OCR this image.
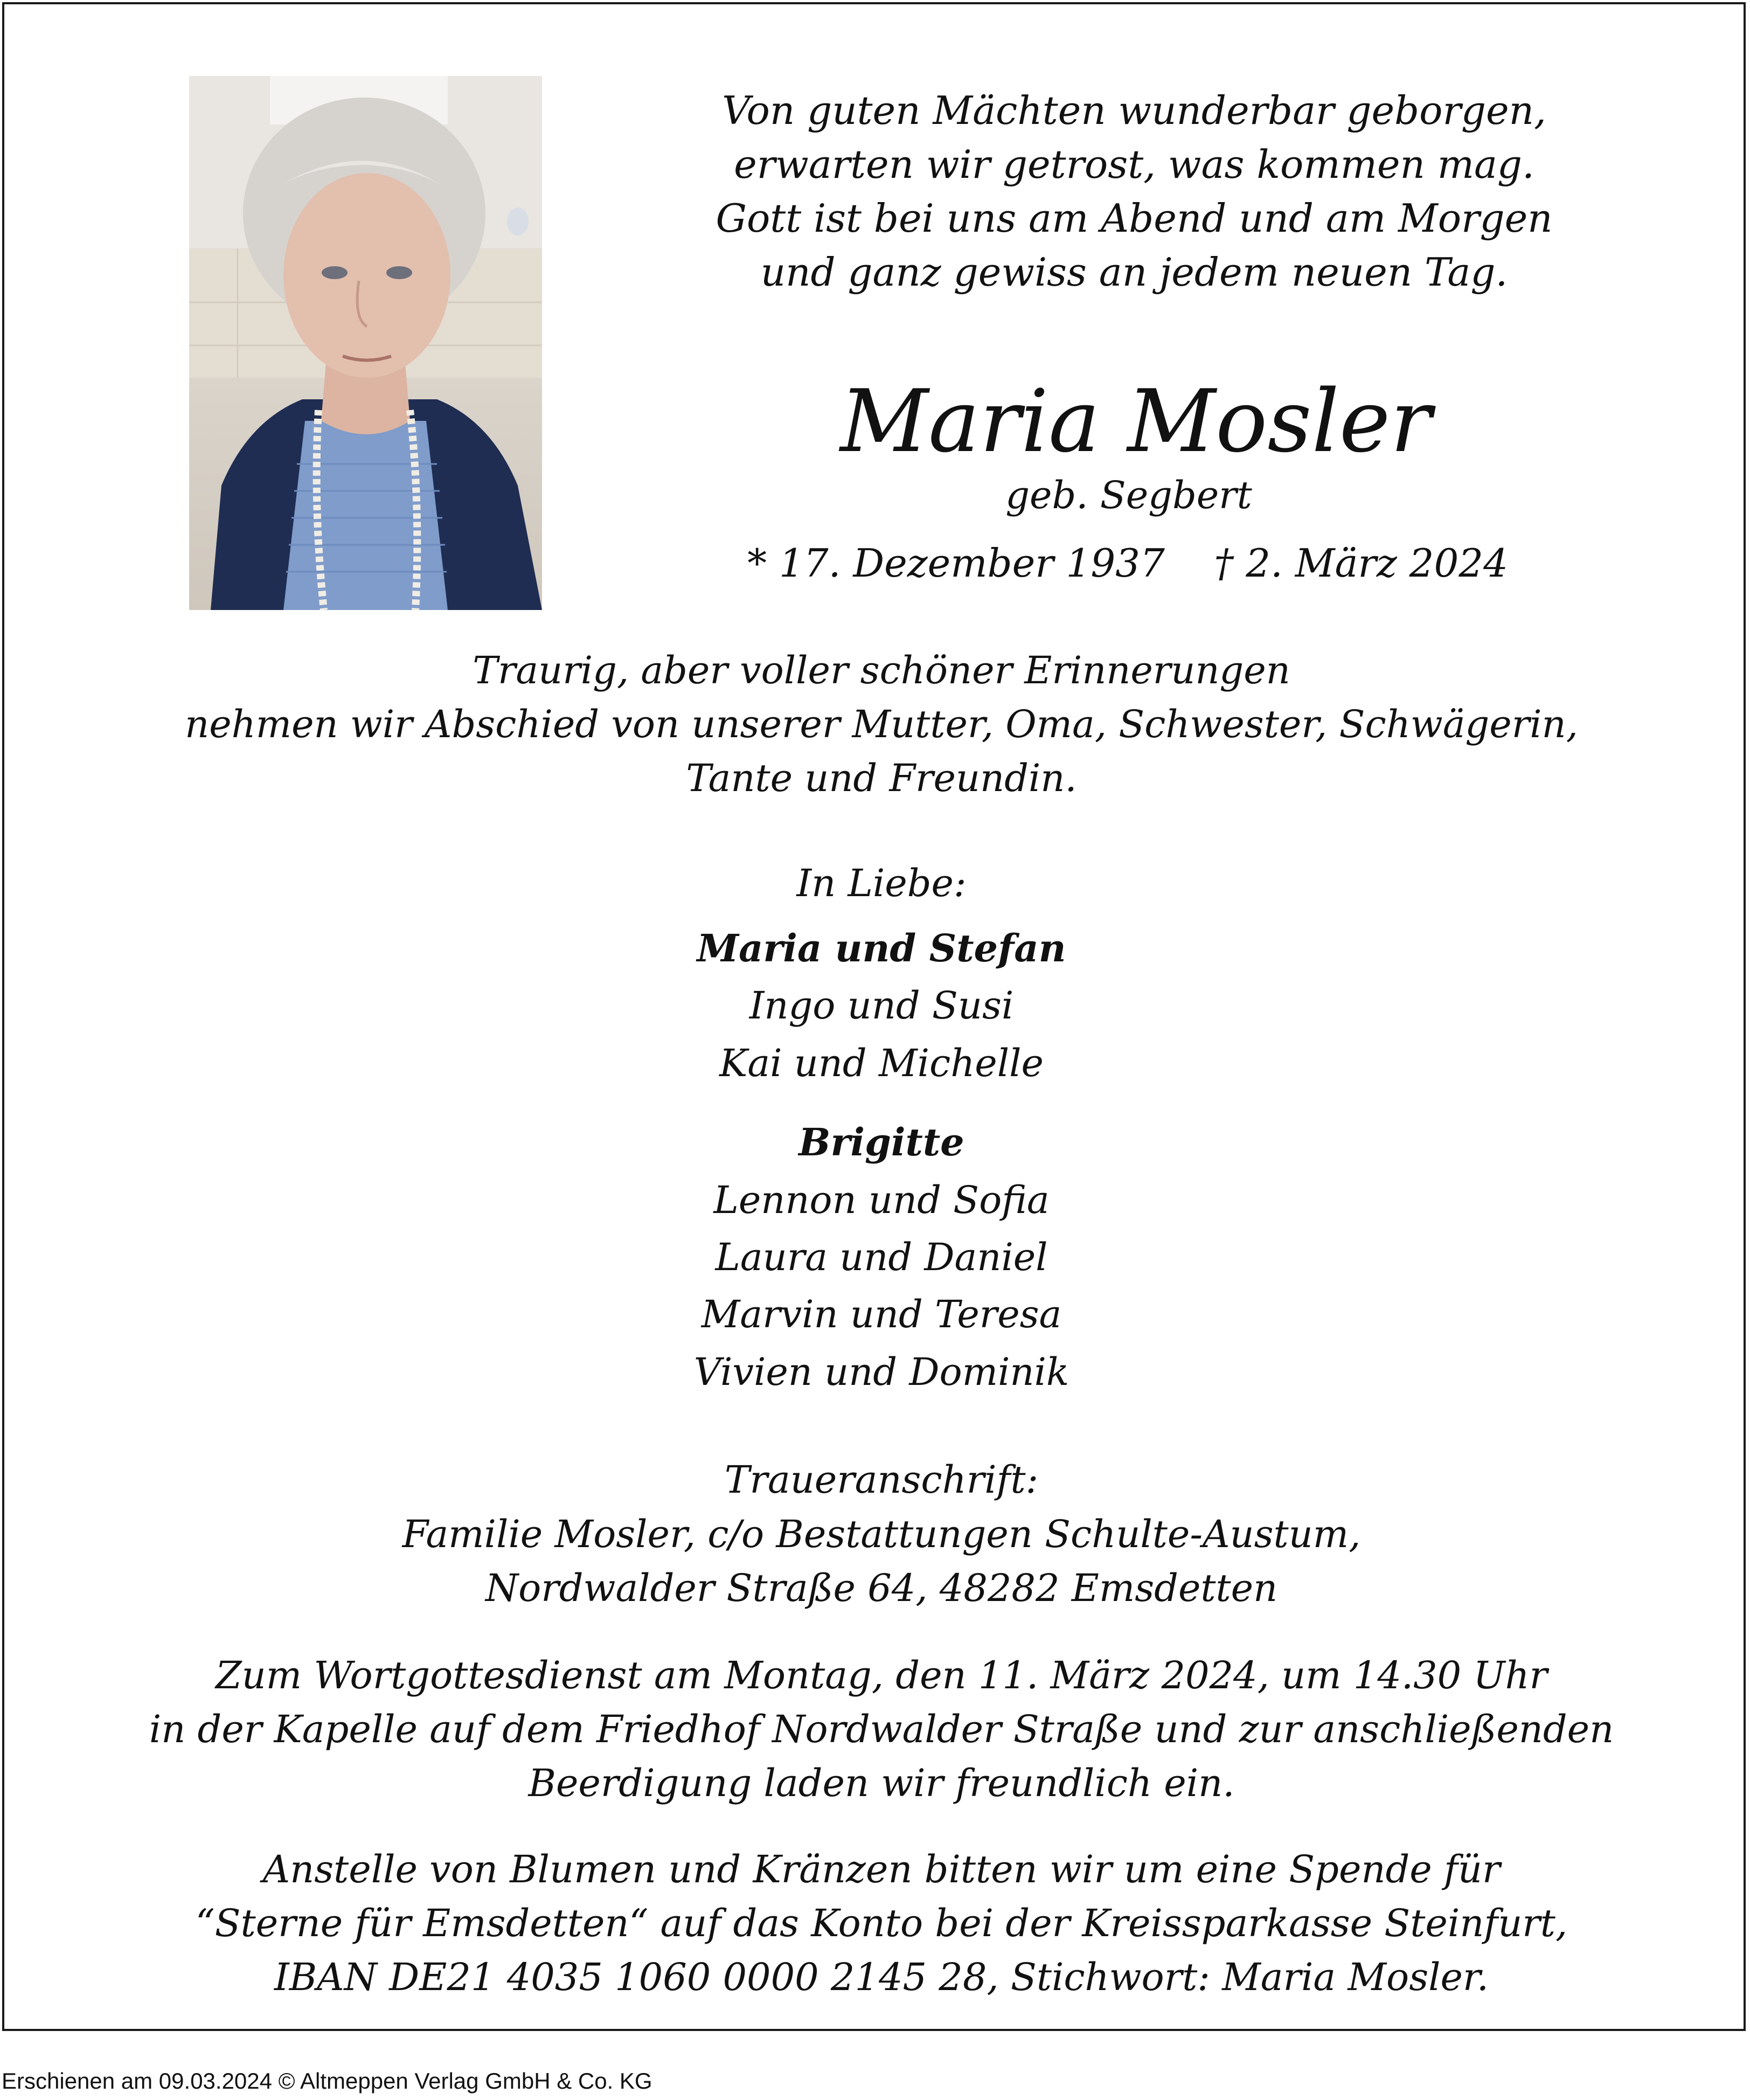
Von guten Mächten wunderbar geborgen,
erwarten wir getrost, was kommen mag.
Gott ist bei uns am Abend und am Morgen
und ganz gewiss an jedem neuen Tag.
Maria Mosler
geb. Segbert
* 17. Dezember 1937 † 2. März 2024
Traurig, aber voller schöner Erinnerungen
nehmen wir Abschied von unserer Mutter, Oma, Schwester, Schwägerin,
Tante und Freundin.
In Liebe:
Maria und Stefan
Ingo und Susi
Kai und Michelle
Brigitte
Lennon und Sofia
Laura und Daniel
Marvin und Teresa
Vivien und Dominik
Traueranschrift:
Familie Mosler, c/o Bestattungen Schulte-Austum,
Nordwalder Straße 64, 48282 Emsdetten
Zum Wortgottesdienst am Montag, den 11. März 2024, um 14.30 Uhr
in der Kapelle auf dem Friedhof Nordwalder Straße und zur anschließenden
Beerdigung laden wir freundlich ein.
Anstelle von Blumen und Kränzen bitten wir um eine Spende für
“Sterne für Emsdetten“ auf das Konto bei der Kreissparkasse Steinfurt,
IBAN DE21 4035 1060 0000 2145 28, Stichwort: Maria Mosler.
Erschienen am 09.03.2024 © Altmeppen Verlag GmbH & Co. KG
